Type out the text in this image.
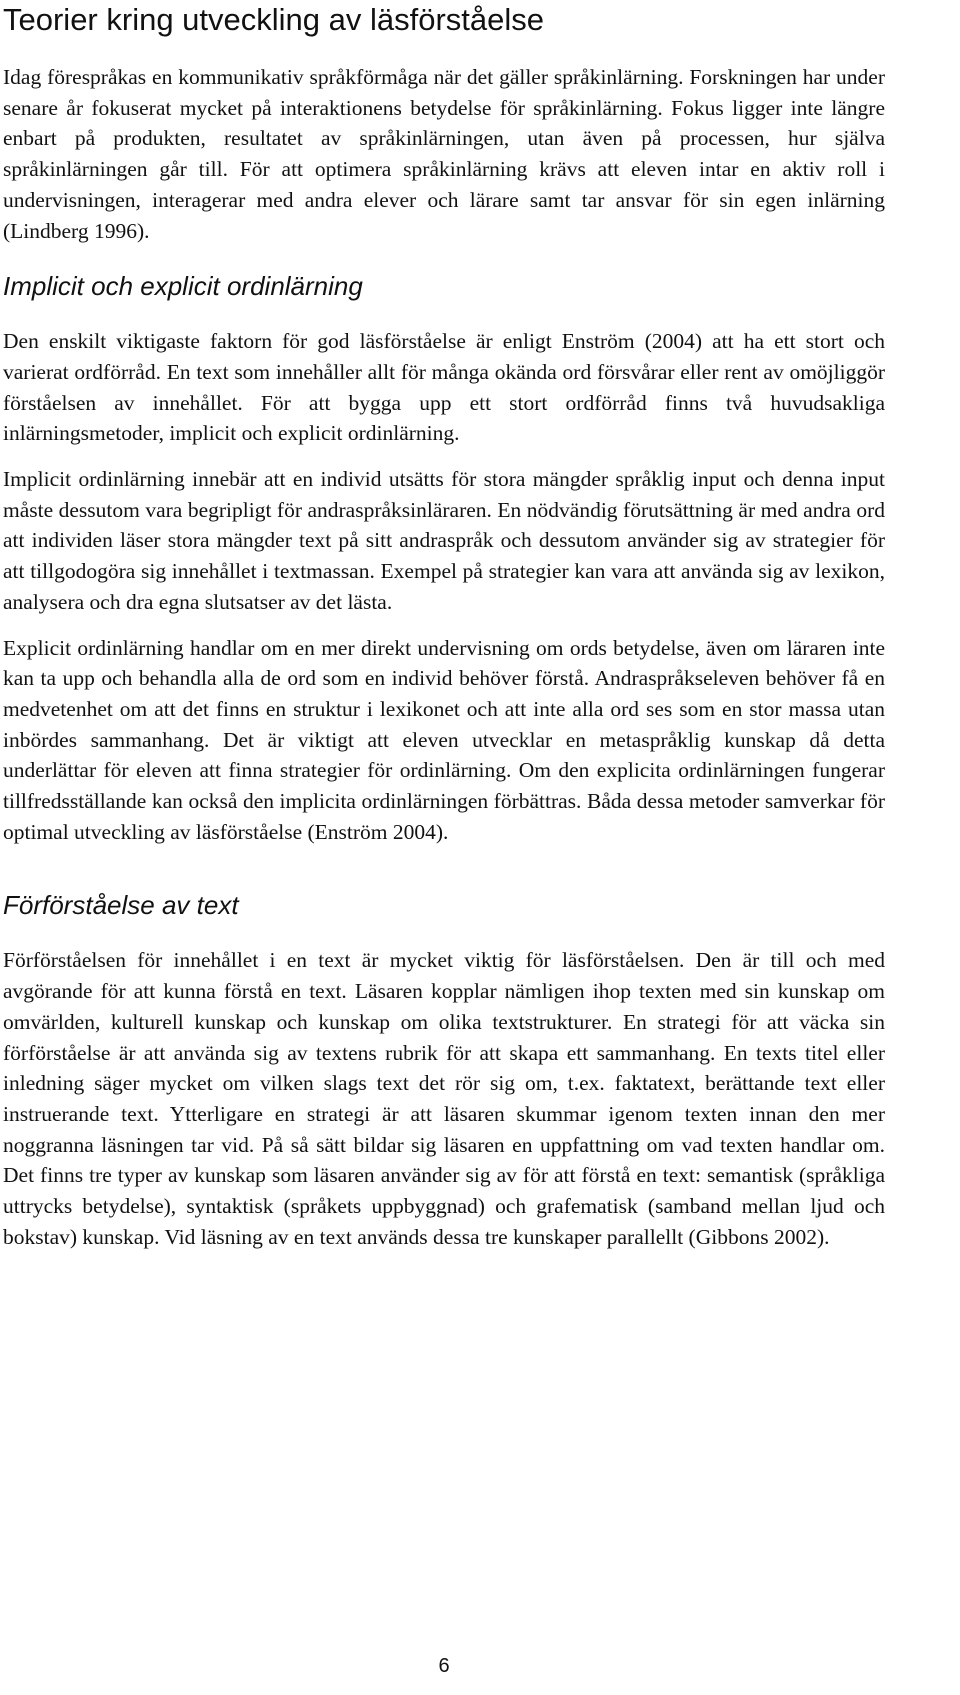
Teorier kring utveckling av läsförståelse

Idag förespråkas en kommunikativ språkförmåga när det gäller språkinlärning. Forskningen har under senare år fokuserat mycket på interaktionens betydelse för språkinlärning. Fokus ligger inte längre enbart på produkten, resultatet av språkinlärningen, utan även på processen, hur själva språkinlärningen går till. För att optimera språkinlärning krävs att eleven intar en aktiv roll i undervisningen, interagerar med andra elever och lärare samt tar ansvar för sin egen inlärning (Lindberg 1996).

Implicit och explicit ordinlärning

Den enskilt viktigaste faktorn för god läsförståelse är enligt Enström (2004) att ha ett stort och varierat ordförråd. En text som innehåller allt för många okända ord försvårar eller rent av omöjliggör förståelsen av innehållet. För att bygga upp ett stort ordförråd finns två huvudsakliga inlärningsmetoder, implicit och explicit ordinlärning.

Implicit ordinlärning innebär att en individ utsätts för stora mängder språklig input och denna input måste dessutom vara begripligt för andraspråksinläraren. En nödvändig förutsättning är med andra ord att individen läser stora mängder text på sitt andraspråk och dessutom använder sig av strategier för att tillgodogöra sig innehållet i textmassan. Exempel på strategier kan vara att använda sig av lexikon, analysera och dra egna slutsatser av det lästa.

Explicit ordinlärning handlar om en mer direkt undervisning om ords betydelse, även om läraren inte kan ta upp och behandla alla de ord som en individ behöver förstå. Andraspråkseleven behöver få en medvetenhet om att det finns en struktur i lexikonet och att inte alla ord ses som en stor massa utan inbördes sammanhang. Det är viktigt att eleven utvecklar en metaspråklig kunskap då detta underlättar för eleven att finna strategier för ordinlärning. Om den explicita ordinlärningen fungerar tillfredsställande kan också den implicita ordinlärningen förbättras. Båda dessa metoder samverkar för optimal utveckling av läsförståelse (Enström 2004).

Förförståelse av text

Förförståelsen för innehållet i en text är mycket viktig för läsförståelsen. Den är till och med avgörande för att kunna förstå en text. Läsaren kopplar nämligen ihop texten med sin kunskap om omvärlden, kulturell kunskap och kunskap om olika textstrukturer. En strategi för att väcka sin förförståelse är att använda sig av textens rubrik för att skapa ett sammanhang. En texts titel eller inledning säger mycket om vilken slags text det rör sig om, t.ex. faktatext, berättande text eller instruerande text. Ytterligare en strategi är att läsaren skummar igenom texten innan den mer noggranna läsningen tar vid. På så sätt bildar sig läsaren en uppfattning om vad texten handlar om. Det finns tre typer av kunskap som läsaren använder sig av för att förstå en text: semantisk (språkliga uttrycks betydelse), syntaktisk (språkets uppbyggnad) och grafematisk (samband mellan ljud och bokstav) kunskap. Vid läsning av en text används dessa tre kunskaper parallellt (Gibbons 2002).

6
